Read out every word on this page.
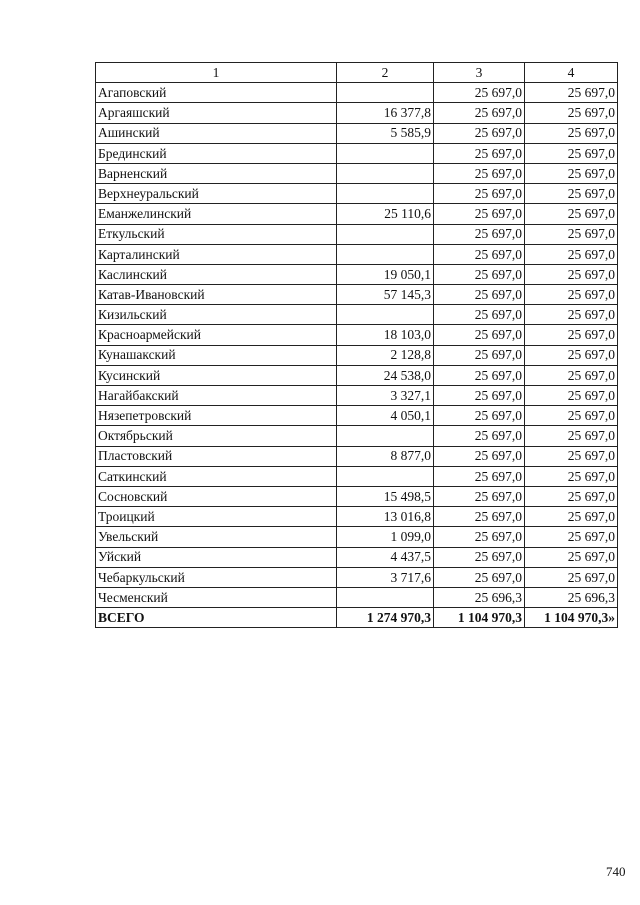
1	2	3	4
Агаповский		25 697,0	25 697,0
Аргаяшский	16 377,8	25 697,0	25 697,0
Ашинский	5 585,9	25 697,0	25 697,0
Брединский		25 697,0	25 697,0
Варненский		25 697,0	25 697,0
Верхнеуральский		25 697,0	25 697,0
Еманжелинский	25 110,6	25 697,0	25 697,0
Еткульский		25 697,0	25 697,0
Карталинский		25 697,0	25 697,0
Каслинский	19 050,1	25 697,0	25 697,0
Катав-Ивановский	57 145,3	25 697,0	25 697,0
Кизильский		25 697,0	25 697,0
Красноармейский	18 103,0	25 697,0	25 697,0
Кунашакский	2 128,8	25 697,0	25 697,0
Кусинский	24 538,0	25 697,0	25 697,0
Нагайбакский	3 327,1	25 697,0	25 697,0
Нязепетровский	4 050,1	25 697,0	25 697,0
Октябрьский		25 697,0	25 697,0
Пластовский	8 877,0	25 697,0	25 697,0
Саткинский		25 697,0	25 697,0
Сосновский	15 498,5	25 697,0	25 697,0
Троицкий	13 016,8	25 697,0	25 697,0
Увельский	1 099,0	25 697,0	25 697,0
Уйский	4 437,5	25 697,0	25 697,0
Чебаркульский	3 717,6	25 697,0	25 697,0
Чесменский		25 696,3	25 696,3
ВСЕГО	1 274 970,3	1 104 970,3	1 104 970,3»
740
